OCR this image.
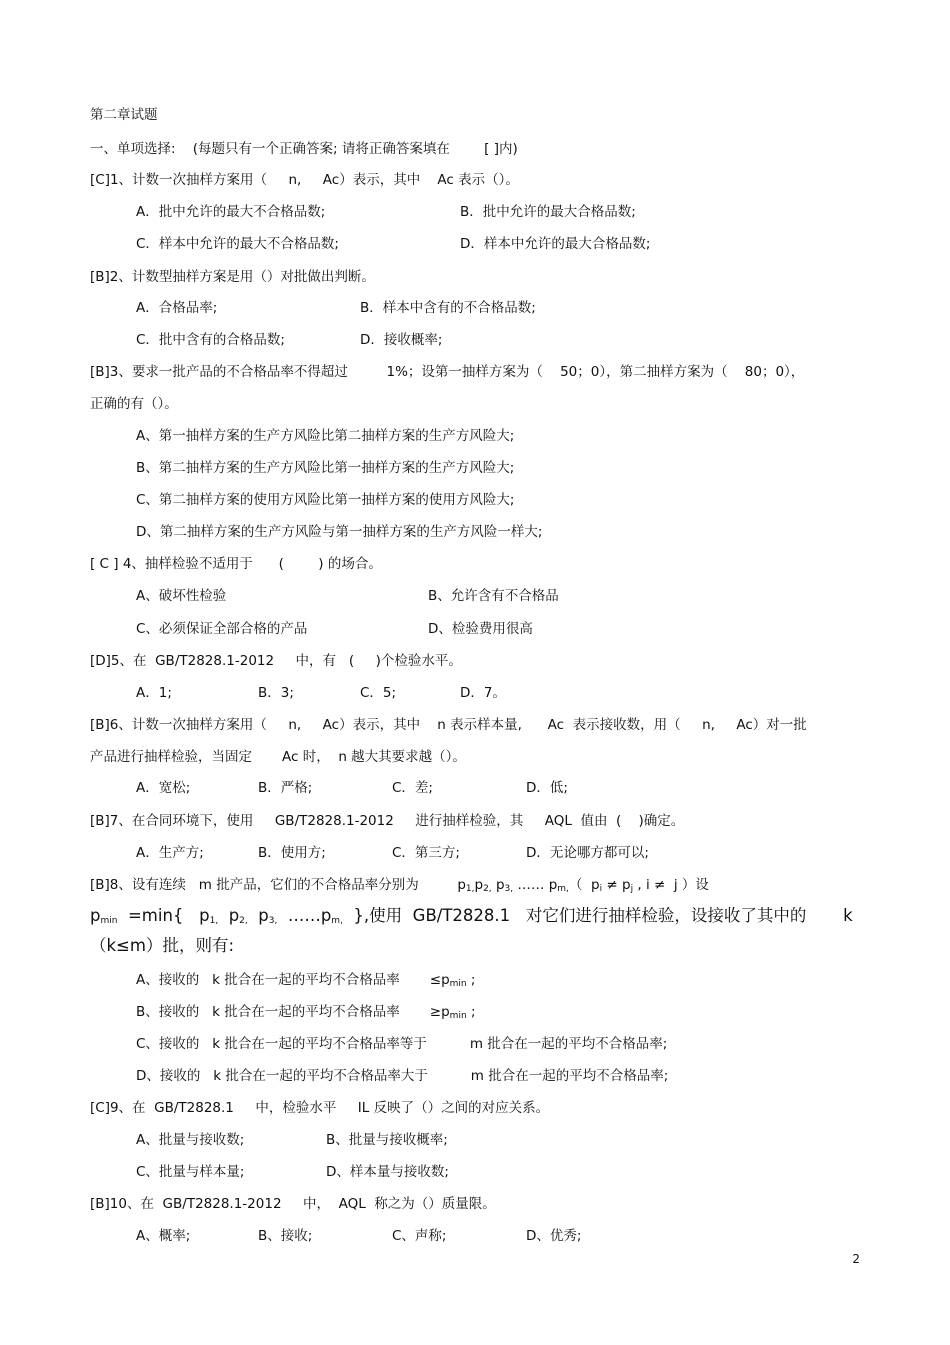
第二章试题
一、单项选择:    (每题只有一个正确答案; 请将正确答案填在        [ ]内)
[C]1、计数一次抽样方案用（     n,     Ac）表示，其中    Ac 表示（）。
A．批中允许的最大不合格品数;	B．批中允许的最大合格品数;
C．样本中允许的最大不合格品数;	D．样本中允许的最大合格品数;
[B]2、计数型抽样方案是用（）对批做出判断。
A．合格品率;	B．样本中含有的不合格品数;
C．批中含有的合格品数;	D．接收概率;
[B]3、要求一批产品的不合格品率不得超过         1%；设第一抽样方案为（    50；0），第二抽样方案为（    80；0），
正确的有（）。
A、第一抽样方案的生产方风险比第二抽样方案的生产方风险大;
B、第二抽样方案的生产方风险比第一抽样方案的生产方风险大;
C、第二抽样方案的使用方风险比第一抽样方案的使用方风险大;
D、第二抽样方案的生产方风险与第一抽样方案的生产方风险一样大;
[ C ] 4、抽样检验不适用于      (        ) 的场合。
A、破坏性检验	B、允许含有不合格品
C、必须保证全部合格的产品	D、检验费用很高
[D]5、在  GB/T2828.1-2012     中，有   (     )个检验水平。
A．1;	B．3;	C．5;	D．7。
[B]6、计数一次抽样方案用（     n,     Ac）表示，其中    n 表示样本量,      Ac  表示接收数，用（     n,     Ac）对一批
产品进行抽样检验，当固定       Ac 时，  n 越大其要求越（）。
A．宽松;	B．严格;	C．差;	D．低;
[B]7、在合同环境下，使用     GB/T2828.1-2012     进行抽样检验，其     AQL  值由  (    )确定。
A．生产方;	B．使用方;	C．第三方;	D．无论哪方都可以;
[B]8、设有连续   m 批产品，它们的不合格品率分别为         $p_{1,}p_{2,}$ $p_{3,}$ …… $p_{m,}$（  $p_i \ne p_j$ , i ≠  j ）设
$p_{min} =\min${   $p_{1,}$  $p_{2,}$  $p_{3,}$  $\dots\dots p_{m,}$  },使用  GB/T2828.1   对它们进行抽样检验，设接收了其中的       k
（k≤m）批，则有:
A、接收的   k 批合在一起的平均不合格品率       $\le p_{min}$ ;
B、接收的   k 批合在一起的平均不合格品率       $\ge p_{min}$ ;
C、接收的   k 批合在一起的平均不合格品率等于          m 批合在一起的平均不合格品率;
D、接收的   k 批合在一起的平均不合格品率大于          m 批合在一起的平均不合格品率;
[C]9、在  GB/T2828.1     中，检验水平     IL 反映了（）之间的对应关系。
A、批量与接收数;	B、批量与接收概率;
C、批量与样本量;	D、样本量与接收数;
[B]10、在  GB/T2828.1-2012     中，  AQL  称之为（）质量限。
A、概率;	B、接收;	C、声称;	D、优秀;
2
